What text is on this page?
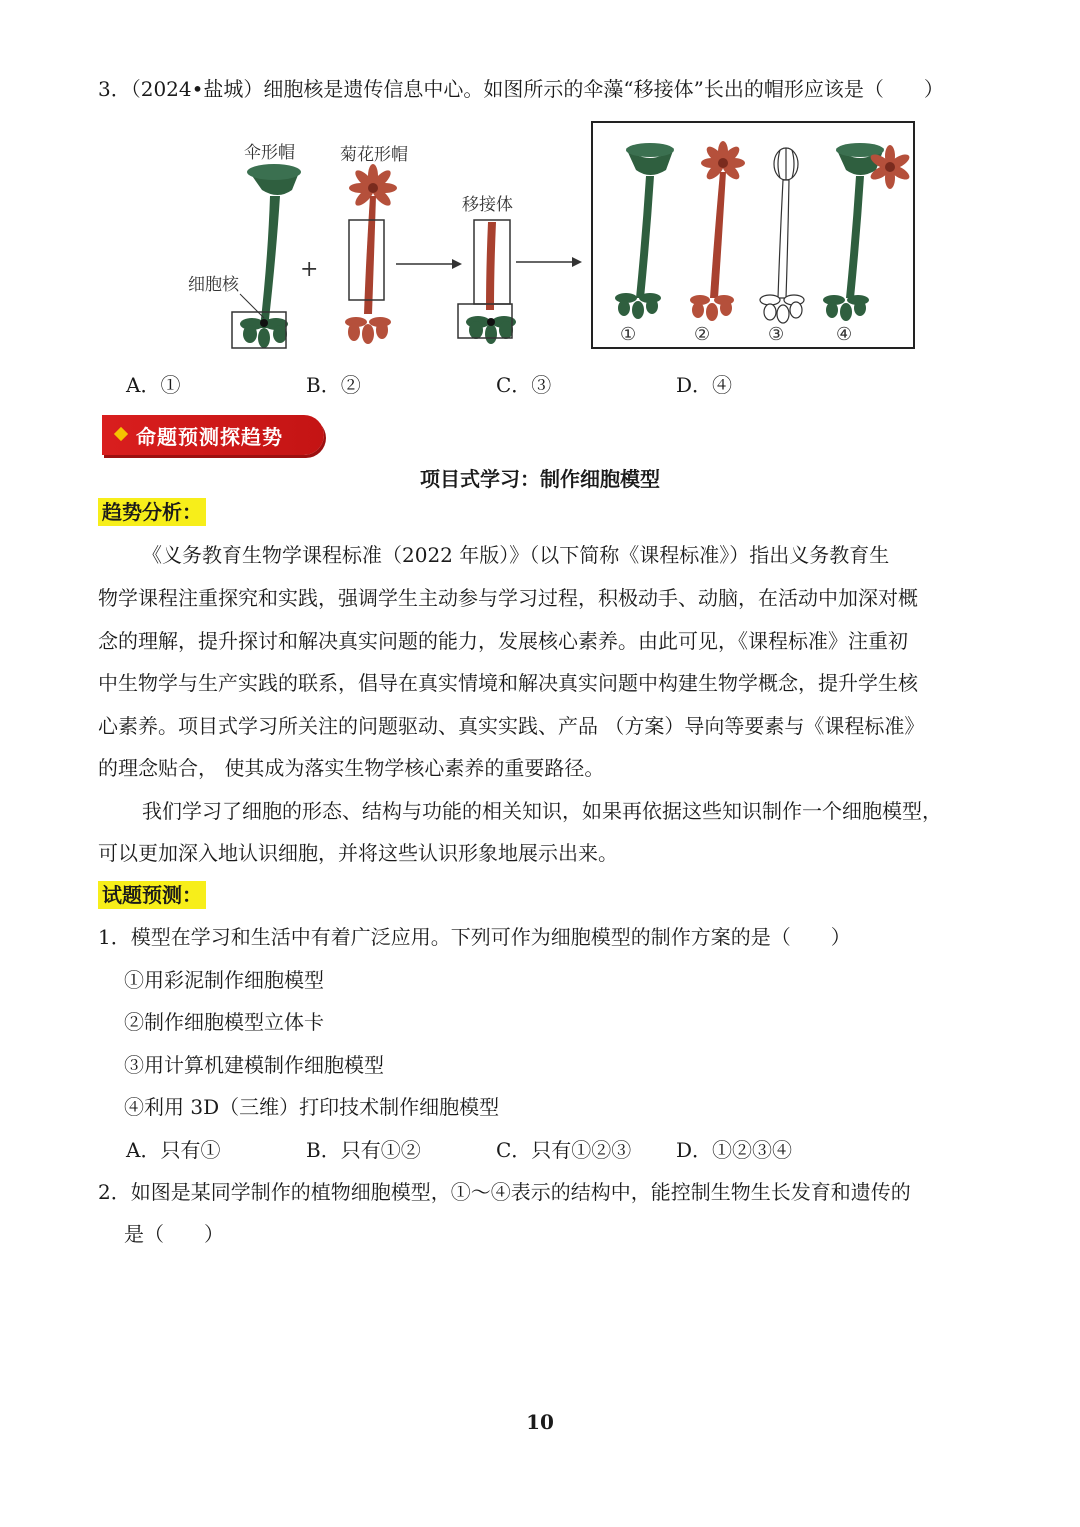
3．（2024•盐城）细胞核是遗传信息中心。如图所示的伞藻“移接体”长出的帽形应该是（　　）
伞形帽
细胞核
+
菊花形帽
移接体
①	②	③	④
A．①	B．②	C．③	D．④
命题预测探趋势
项目式学习：制作细胞模型
趋势分析：
《义务教育生物学课程标准（2022 年版）》（以下简称《课程标准》）指出义务教育生
物学课程注重探究和实践，强调学生主动参与学习过程，积极动手、动脑，在活动中加深对概
念的理解，提升探讨和解决真实问题的能力，发展核心素养。由此可见，《课程标准》注重初
中生物学与生产实践的联系，倡导在真实情境和解决真实问题中构建生物学概念，提升学生核
心素养。项目式学习所关注的问题驱动、真实实践、产品 （方案）导向等要素与《课程标准》
的理念贴合， 使其成为落实生物学核心素养的重要路径。
我们学习了细胞的形态、结构与功能的相关知识，如果再依据这些知识制作一个细胞模型，
可以更加深入地认识细胞，并将这些认识形象地展示出来。
试题预测：
1．模型在学习和生活中有着广泛应用。下列可作为细胞模型的制作方案的是（　　）
①用彩泥制作细胞模型
②制作细胞模型立体卡
③用计算机建模制作细胞模型
④利用 3D（三维）打印技术制作细胞模型
A．只有①	B．只有①②	C．只有①②③ D．①②③④
2．如图是某同学制作的植物细胞模型，①～④表示的结构中，能控制生物生长发育和遗传的
是（　　）
10
